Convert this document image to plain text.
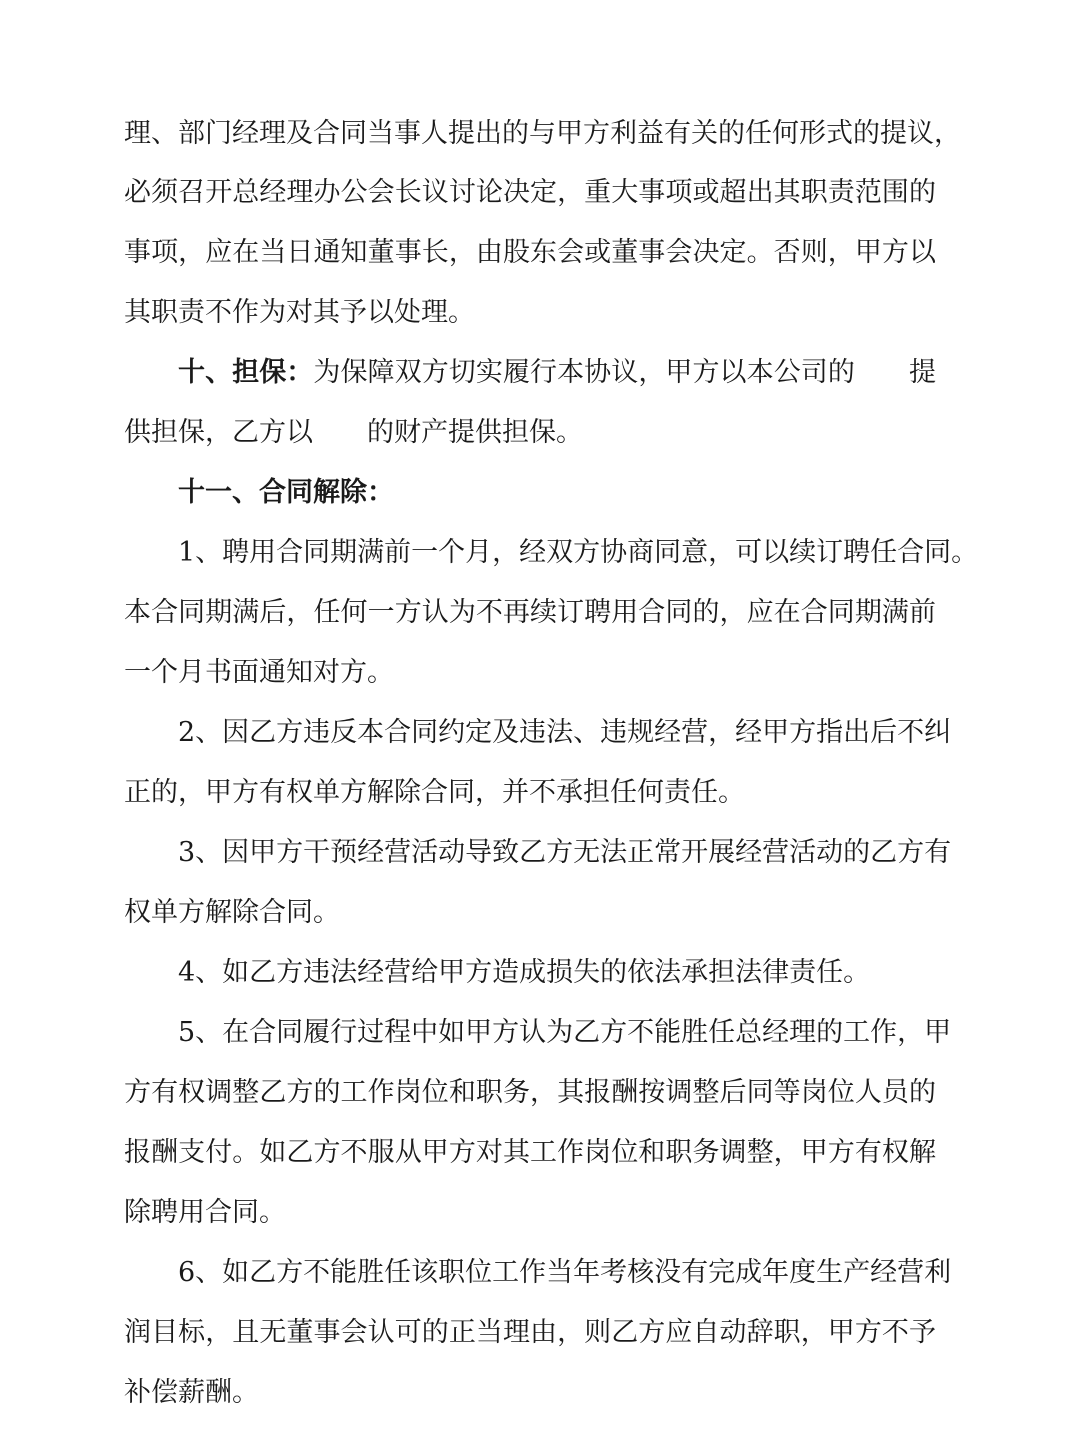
理、部门经理及合同当事人提出的与甲方利益有关的任何形式的提议，
必须召开总经理办公会长议讨论决定，重大事项或超出其职责范围的
事项，应在当日通知董事长，由股东会或董事会决定。否则，甲方以
其职责不作为对其予以处理。
十、担保：为保障双方切实履行本协议，甲方以本公司的 提
供担保，乙方以 的财产提供担保。
十一、合同解除：
1、聘用合同期满前一个月，经双方协商同意，可以续订聘任合同。
本合同期满后，任何一方认为不再续订聘用合同的，应在合同期满前
一个月书面通知对方。
2、因乙方违反本合同约定及违法、违规经营，经甲方指出后不纠
正的，甲方有权单方解除合同，并不承担任何责任。
3、因甲方干预经营活动导致乙方无法正常开展经营活动的乙方有
权单方解除合同。
4、如乙方违法经营给甲方造成损失的依法承担法律责任。
5、在合同履行过程中如甲方认为乙方不能胜任总经理的工作，甲
方有权调整乙方的工作岗位和职务，其报酬按调整后同等岗位人员的
报酬支付。如乙方不服从甲方对其工作岗位和职务调整，甲方有权解
除聘用合同。
6、如乙方不能胜任该职位工作当年考核没有完成年度生产经营利
润目标，且无董事会认可的正当理由，则乙方应自动辞职，甲方不予
补偿薪酬。
